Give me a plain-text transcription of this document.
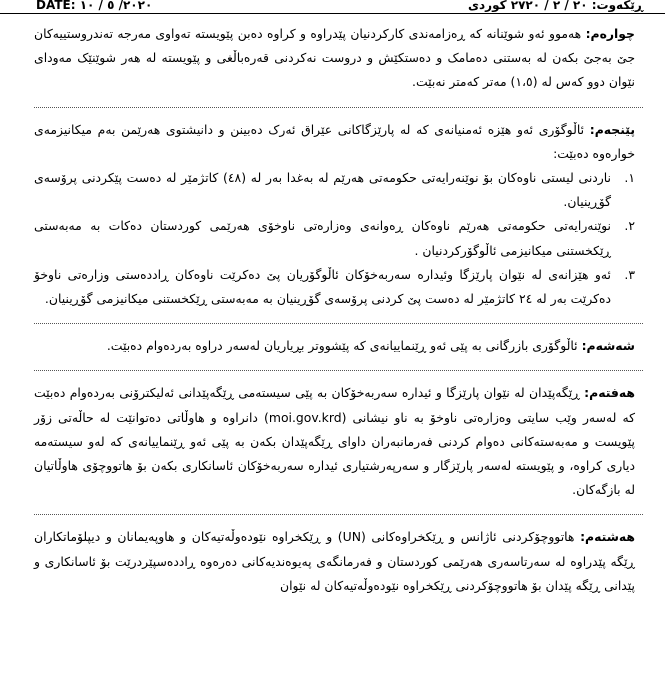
DATE: ٢٠٢٠/ ٥ / ١٠	ڕێکەوت: ٢٠ / ٢ / ٢٧٢٠ کوردی

چوارەم: هەموو ئەو شوێنانە کە ڕەزامەندی کارکردنیان پێدراوە و کراوە دەبن پێویستە تەواوی مەرجە تەندروستییەکان جێ بەجێ بکەن لە بەستنی دەمامک و دەستکێش و دروست نەکردنی قەرەباڵغی و پێویستە لە هەر شوێنێک مەودای نێوان دوو کەس لە (١،٥) مەتر کەمتر نەبێت.

پێنجەم: ئاڵوگۆری ئەو هێزە ئەمنیانەی کە لە پارێزگاکانی عێراق ئەرک دەبینن و دانیشتوی هەرێمن بەم میکانیزمەی خوارەوە دەبێت:

١.
ناردنی لیستی ناوەکان بۆ نوێنەرایەتی حکومەتی هەرێم لە بەغدا بەر لە (٤٨) کاتژمێر لە دەست پێکردنی پرۆسەی گۆڕینیان.
٢.
نوێنەرایەتی حکومەتی هەرێم ناوەکان ڕەوانەی وەزارەتی ناوخۆی هەرێمی کوردستان دەکات بە مەبەستی ڕێکخستنی میکانیزمی ئاڵوگۆرکردنیان .
٣.
ئەو هێزانەی لە نێوان پارێزگا وئیدارە سەربەخۆکان ئاڵوگۆریان پێ دەکرێت ناوەکان ڕاددەستی وزارەتی ناوخۆ دەکرێت بەر لە ٢٤ کاتژمێر لە دەست پێ کردنی پرۆسەی گۆڕینیان بە مەبەستی ڕێکخستنی میکانیزمی گۆڕینیان.

شەشەم: ئاڵوگۆری بازرگانی بە پێی ئەو ڕێنماییانەی کە پێشووتر بڕیاریان لەسەر دراوە بەردەوام دەبێت.

هەفتەم: ڕێگەپێدان لە نێوان پارێزگا و ئیدارە سەربەخۆکان بە پێی سیستەمی ڕێگەپێدانی ئەلیکترۆنی بەردەوام دەبێت کە لەسەر وێب سایتی وەزارەتی ناوخۆ بە ناو نیشانی (moi.gov.krd) دانراوە و هاوڵاتی دەتوانێت لە حاڵەتی زۆر پێویست و مەبەستەکانی دەوام کردنی فەرمانبەران داوای ڕێگەپێدان بکەن بە پێی ئەو ڕێنماییانەی کە لەو سیستەمە دیاری کراوە، و پێویستە لەسەر پارێزگار و سەرپەرشتیاری ئیدارە سەربەخۆکان ئاسانکاری بکەن بۆ هاتووچۆی هاوڵاتیان لە بازگەکان.

هەشتەم: هاتووچۆکردنی ئاژانس و ڕێکخراوەکانی (UN) و ڕێکخراوە نێودەوڵەتیەکان و هاوپەیمانان و دیپلۆماتکاران ڕێگە پێدراوە لە سەرتاسەری هەرێمی کوردستان و فەرمانگەی پەیوەندیەکانی دەرەوە ڕاددەسپێردرێت بۆ ئاسانکاری و پێدانی ڕێگە پێدان بۆ هاتووچۆکردنی ڕێکخراوە نێودەوڵەتیەکان لە نێوان
